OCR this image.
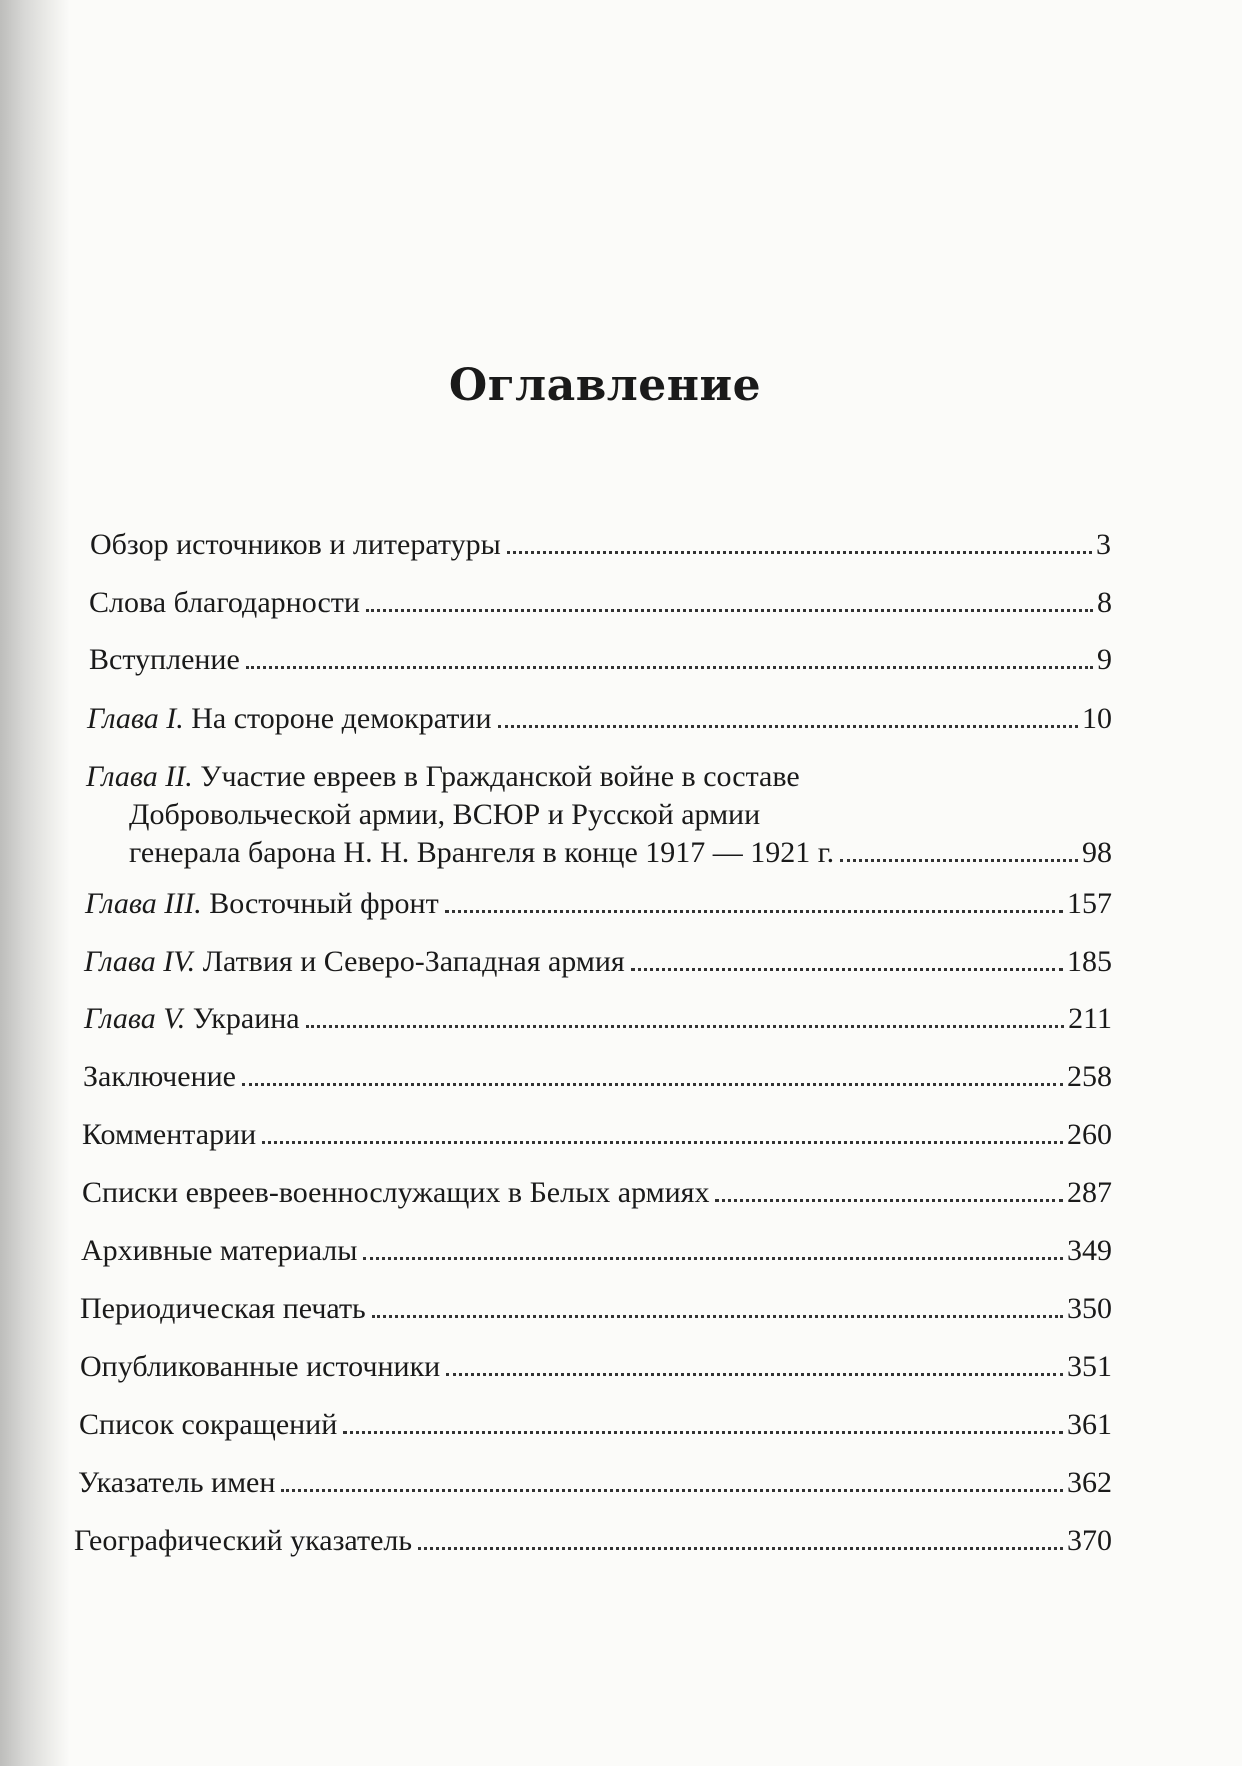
Оглавление
Обзор источников и литературы	3
Слова благодарности	8
Вступление	9
Глава I. На стороне демократии	10
Глава II. Участие евреев в Гражданской войне в составе
Добровольческой армии, ВСЮР и Русской армии
генерала барона Н. Н. Врангеля в конце 1917 — 1921 г.	98
Глава III. Восточный фронт	157
Глава IV. Латвия и Северо-Западная армия	185
Глава V. Украина	211
Заключение	258
Комментарии	260
Списки евреев-военнослужащих в Белых армиях	287
Архивные материалы	349
Периодическая печать	350
Опубликованные источники	351
Список сокращений	361
Указатель имен	362
Географический указатель	370
